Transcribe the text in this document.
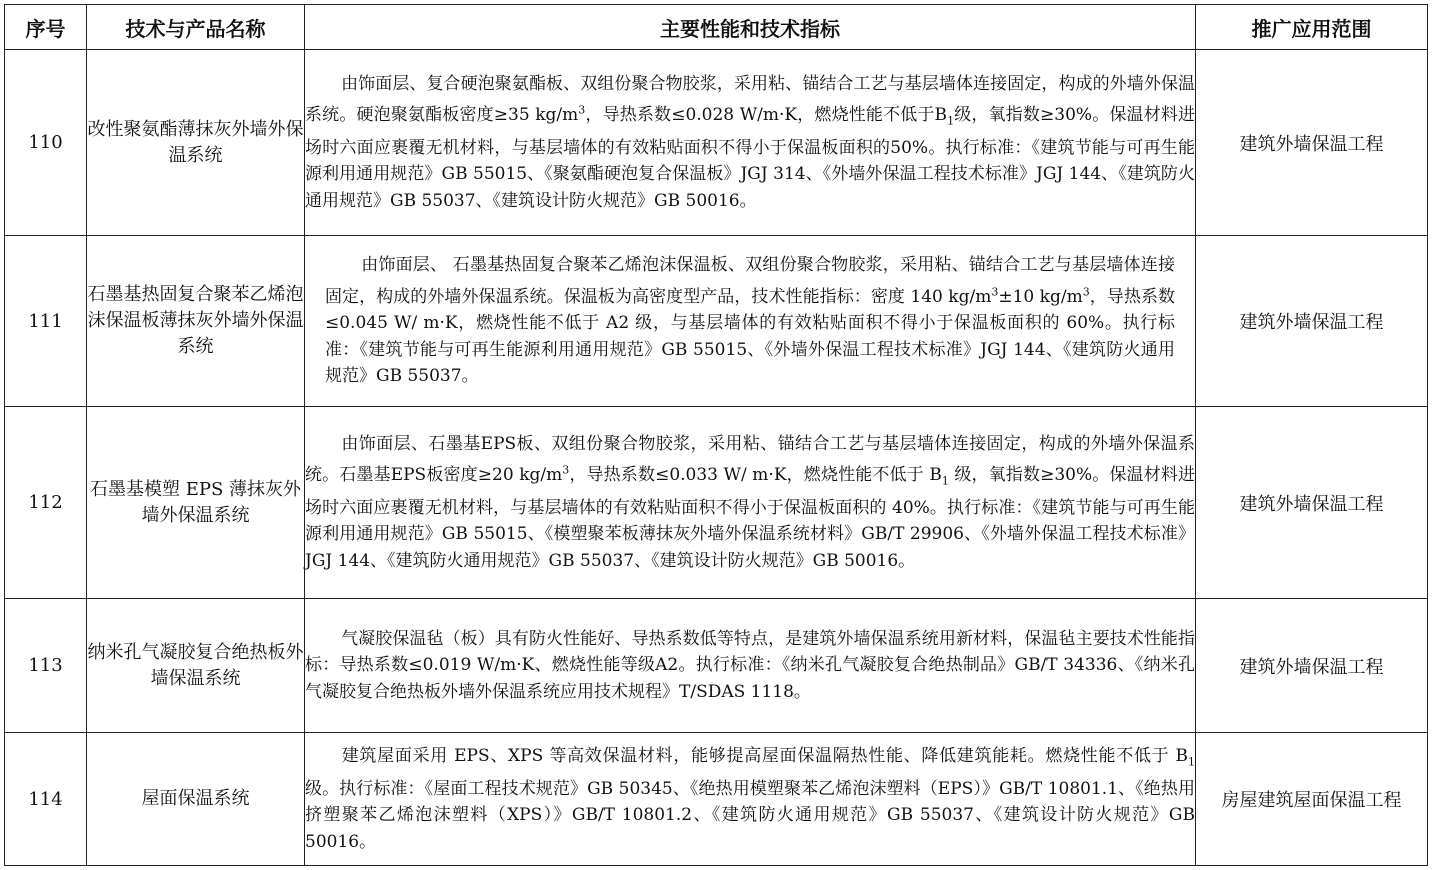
序号	技术与产品名称	主要性能和技术指标	推广应用范围
110	改性聚氨酯薄抹灰外墙外保温系统	由饰面层、复合硬泡聚氨酯板、双组份聚合物胶浆，采用粘、锚结合工艺与基层墙体连接固定，构成的外墙外保温系统。硬泡聚氨酯板密度≥35 $kg/m^3$，导热系数≤0.028 W/m·K，燃烧性能不低于$B_1$级，氧指数≥30%。保温材料进场时六面应裹覆无机材料，与基层墙体的有效粘贴面积不得小于保温板面积的50%。执行标准：《建筑节能与可再生能源利用通用规范》GB 55015、《聚氨酯硬泡复合保温板》JGJ 314、《外墙外保温工程技术标准》JGJ 144、《建筑防火通用规范》GB 55037、《建筑设计防火规范》GB 50016。	建筑外墙保温工程
111	石墨基热固复合聚苯乙烯泡沫保温板薄抹灰外墙外保温系统	由饰面层、 石墨基热固复合聚苯乙烯泡沫保温板、双组份聚合物胶浆，采用粘、锚结合工艺与基层墙体连接固定，构成的外墙外保温系统。保温板为高密度型产品，技术性能指标：密度 140 $kg/m^3\pm 10$ $kg/m^3$，导热系数≤0.045 W/ m·K，燃烧性能不低于 A2 级，与基层墙体的有效粘贴面积不得小于保温板面积的 60%。执行标准：《建筑节能与可再生能源利用通用规范》GB 55015、《外墙外保温工程技术标准》JGJ 144、《建筑防火通用规范》GB 55037。	建筑外墙保温工程
112	石墨基模塑 EPS 薄抹灰外墙外保温系统	由饰面层、石墨基EPS板、双组份聚合物胶浆，采用粘、锚结合工艺与基层墙体连接固定，构成的外墙外保温系统。石墨基EPS板密度≥20 $kg/m^3$，导热系数≤0.033 W/ m·K，燃烧性能不低于 $B_1$ 级，氧指数≥30%。保温材料进场时六面应裹覆无机材料，与基层墙体的有效粘贴面积不得小于保温板面积的 40%。执行标准：《建筑节能与可再生能源利用通用规范》GB 55015、《模塑聚苯板薄抹灰外墙外保温系统材料》GB/T 29906、《外墙外保温工程技术标准》JGJ 144、《建筑防火通用规范》GB 55037、《建筑设计防火规范》GB 50016。	建筑外墙保温工程
113	纳米孔气凝胶复合绝热板外墙保温系统	气凝胶保温毡（板）具有防火性能好、导热系数低等特点，是建筑外墙保温系统用新材料，保温毡主要技术性能指标：导热系数≤0.019 W/m·K、燃烧性能等级A2。执行标准：《纳米孔气凝胶复合绝热制品》GB/T 34336、《纳米孔气凝胶复合绝热板外墙外保温系统应用技术规程》T/SDAS 1118。	建筑外墙保温工程
114	屋面保温系统	建筑屋面采用 EPS、XPS 等高效保温材料，能够提高屋面保温隔热性能、降低建筑能耗。燃烧性能不低于 $B_1$级。执行标准：《屋面工程技术规范》GB 50345、《绝热用模塑聚苯乙烯泡沫塑料（EPS）》GB/T 10801.1、《绝热用挤塑聚苯乙烯泡沫塑料（XPS）》GB/T 10801.2、《建筑防火通用规范》GB 55037、《建筑设计防火规范》GB 50016。	房屋建筑屋面保温工程
